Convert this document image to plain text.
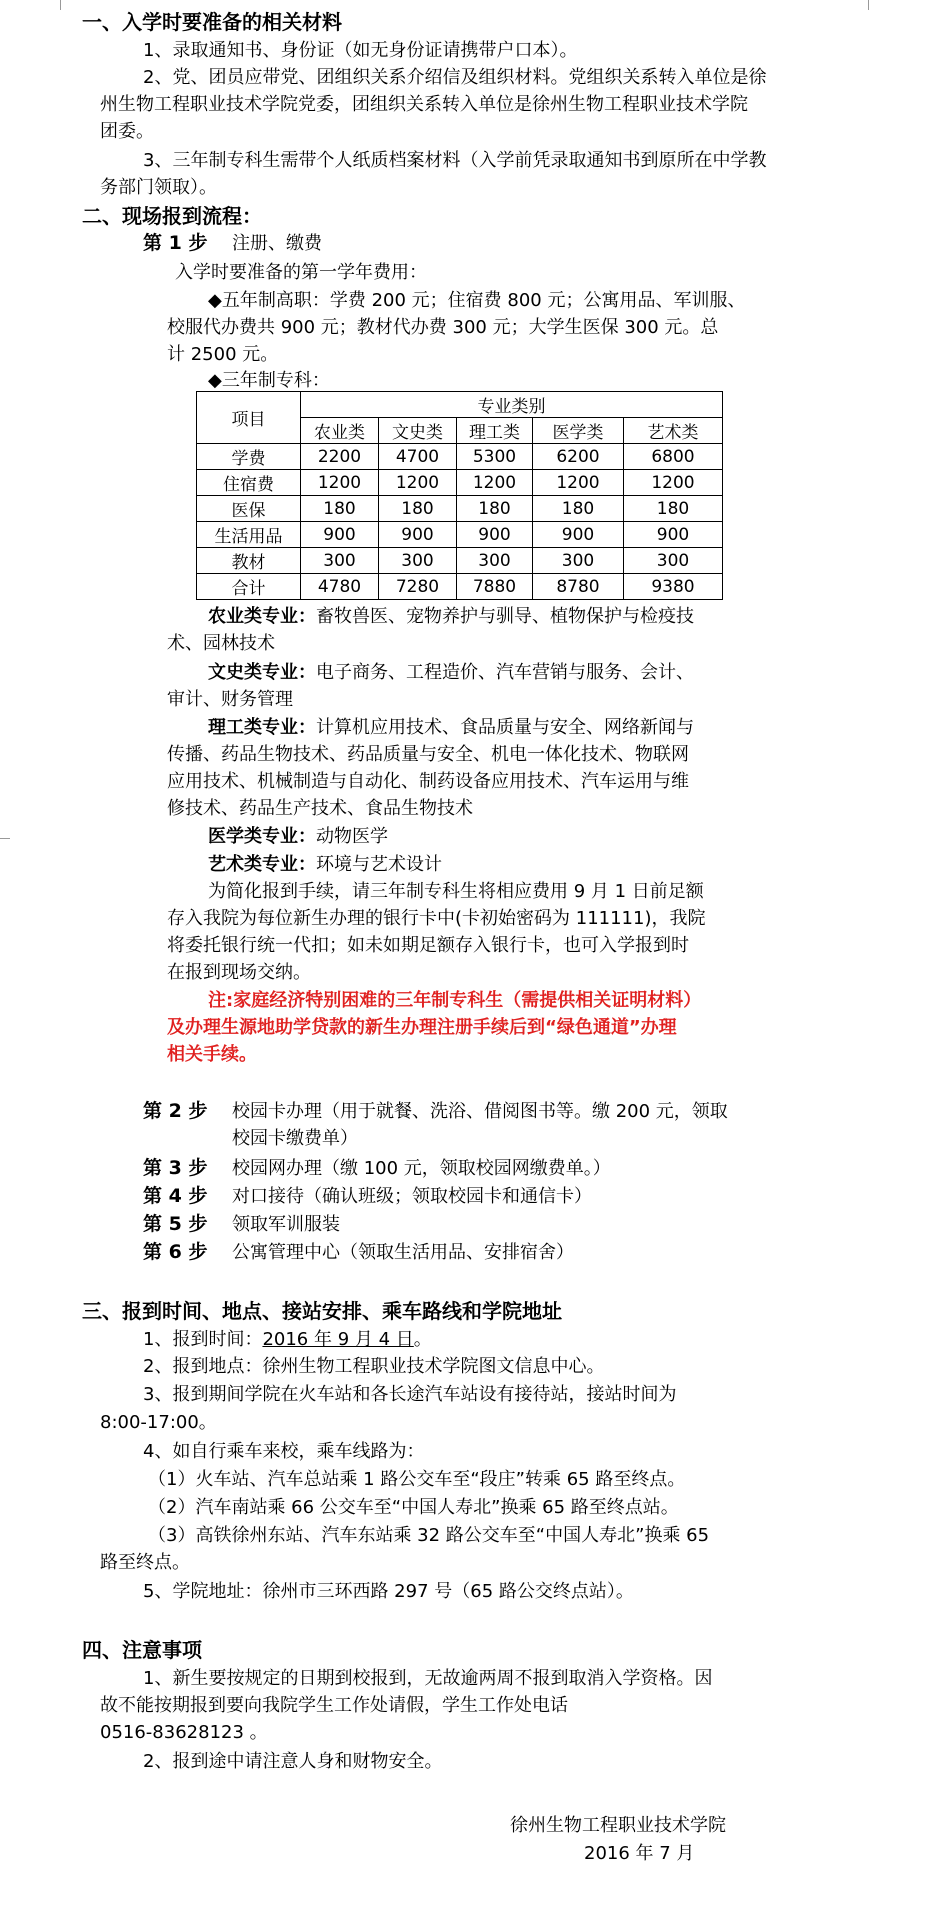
一、入学时要准备的相关材料
1、录取通知书、身份证（如无身份证请携带户口本）。
2、党、团员应带党、团组织关系介绍信及组织材料。党组织关系转入单位是徐
州生物工程职业技术学院党委，团组织关系转入单位是徐州生物工程职业技术学院
团委。
3、三年制专科生需带个人纸质档案材料（入学前凭录取通知书到原所在中学教
务部门领取）。
二、现场报到流程：
第 1 步 注册、缴费
入学时要准备的第一学年费用：
◆五年制高职：学费 200 元；住宿费 800 元；公寓用品、军训服、
校服代办费共 900 元；教材代办费 300 元；大学生医保 300 元。总
计 2500 元。
◆三年制专科：
项目	专业类别				
	农业类	文史类	理工类	医学类	艺术类
学费	2200	4700	5300	6200	6800
住宿费	1200	1200	1200	1200	1200
医保	180	180	180	180	180
生活用品	900	900	900	900	900
教材	300	300	300	300	300
合计	4780	7280	7880	8780	9380
农业类专业：畜牧兽医、宠物养护与驯导、植物保护与检疫技
术、园林技术
文史类专业：电子商务、工程造价、汽车营销与服务、会计、
审计、财务管理
理工类专业：计算机应用技术、食品质量与安全、网络新闻与
传播、药品生物技术、药品质量与安全、机电一体化技术、物联网
应用技术、机械制造与自动化、制药设备应用技术、汽车运用与维
修技术、药品生产技术、食品生物技术
医学类专业：动物医学
艺术类专业：环境与艺术设计
为简化报到手续，请三年制专科生将相应费用 9 月 1 日前足额
存入我院为每位新生办理的银行卡中(卡初始密码为 111111)，我院
将委托银行统一代扣；如未如期足额存入银行卡，也可入学报到时
在报到现场交纳。
注:家庭经济特别困难的三年制专科生（需提供相关证明材料）
及办理生源地助学贷款的新生办理注册手续后到“绿色通道”办理
相关手续。
第 2 步 校园卡办理（用于就餐、洗浴、借阅图书等。缴 200 元，领取
校园卡缴费单）
第 3 步 校园网办理（缴 100 元，领取校园网缴费单。）
第 4 步 对口接待（确认班级；领取校园卡和通信卡）
第 5 步 领取军训服装
第 6 步 公寓管理中心（领取生活用品、安排宿舍）
三、报到时间、地点、接站安排、乘车路线和学院地址
1、报到时间：2016 年 9 月 4 日。
2、报到地点：徐州生物工程职业技术学院图文信息中心。
3、报到期间学院在火车站和各长途汽车站设有接待站，接站时间为
8:00-17:00。
4、如自行乘车来校，乘车线路为：
（1）火车站、汽车总站乘 1 路公交车至“段庄”转乘 65 路至终点。
（2）汽车南站乘 66 公交车至“中国人寿北”换乘 65 路至终点站。
（3）高铁徐州东站、汽车东站乘 32 路公交车至“中国人寿北”换乘 65
路至终点。
5、学院地址：徐州市三环西路 297 号（65 路公交终点站）。
四、注意事项
1、新生要按规定的日期到校报到，无故逾两周不报到取消入学资格。因
故不能按期报到要向我院学生工作处请假，学生工作处电话
0516-83628123 。
2、报到途中请注意人身和财物安全。
徐州生物工程职业技术学院
2016 年 7 月
